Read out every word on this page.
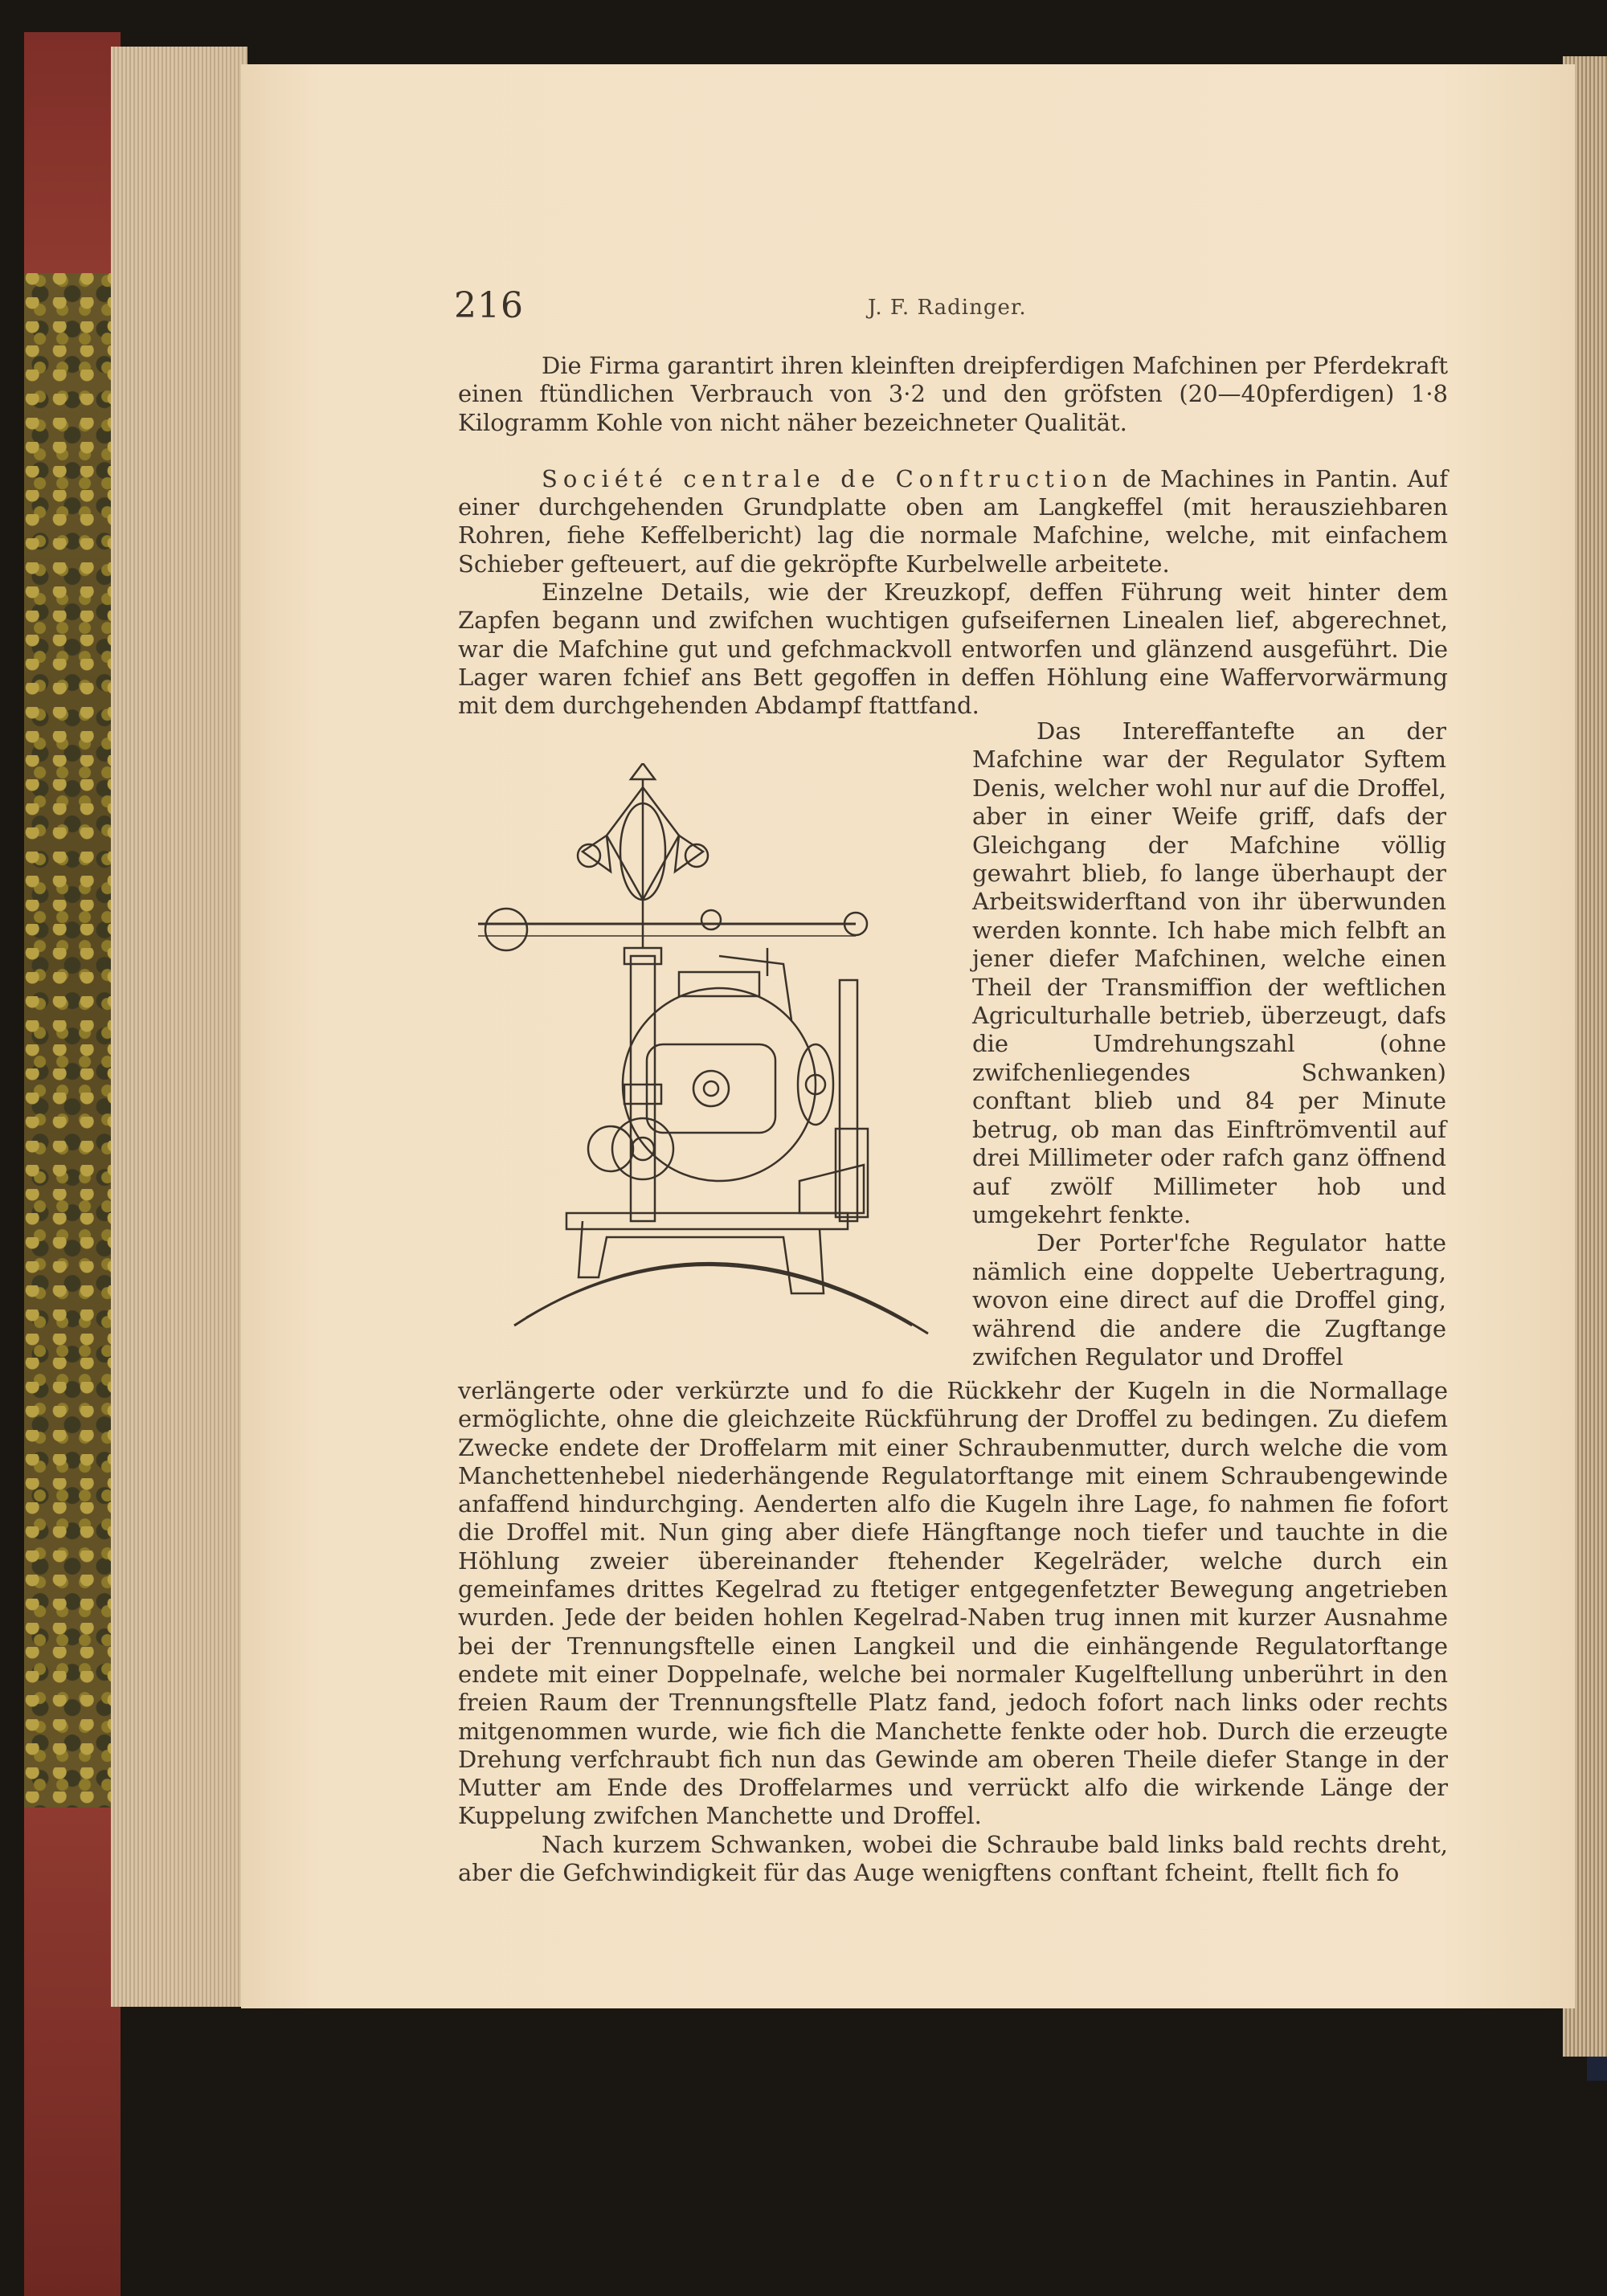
216	J. F. Radinger.

Die Firma garantirt ihren kleinften dreipferdigen Mafchinen per Pferdekraft einen ftündlichen Verbrauch von 3·2 und den gröfsten (20—40pferdigen) 1·8 Kilogramm Kohle von nicht näher bezeichneter Qualität.

Société centrale de Conftruction de Machines in Pantin. Auf einer durchgehenden Grundplatte oben am Langkeffel (mit herausziehbaren Rohren, fiehe Keffelbericht) lag die normale Mafchine, welche, mit einfachem Schieber gefteuert, auf die gekröpfte Kurbelwelle arbeitete.

Einzelne Details, wie der Kreuzkopf, deffen Führung weit hinter dem Zapfen begann und zwifchen wuchtigen gufseifernen Linealen lief, abgerechnet, war die Mafchine gut und gefchmackvoll entworfen und glänzend ausgeführt. Die Lager waren fchief ans Bett gegoffen in deffen Höhlung eine Waffervorwärmung mit dem durchgehenden Abdampf ftattfand.

Das Intereffantefte an der Mafchine war der Regulator Syftem Denis, welcher wohl nur auf die Droffel, aber in einer Weife griff, dafs der Gleichgang der Mafchine völlig gewahrt blieb, fo lange überhaupt der Arbeitswiderftand von ihr überwunden werden konnte. Ich habe mich felbft an jener diefer Mafchinen, welche einen Theil der Transmiffion der weftlichen Agriculturhalle betrieb, überzeugt, dafs die Umdrehungszahl (ohne zwifchenliegendes Schwanken) conftant blieb und 84 per Minute betrug, ob man das Einftrömventil auf drei Millimeter oder rafch ganz öffnend auf zwölf Millimeter hob und umgekehrt fenkte.

Der Porter'fche Regulator hatte nämlich eine doppelte Uebertragung, wovon eine direct auf die Droffel ging, während die andere die Zugftange zwifchen Regulator und Droffel

verlängerte oder verkürzte und fo die Rückkehr der Kugeln in die Normallage ermöglichte, ohne die gleichzeite Rückführung der Droffel zu bedingen. Zu diefem Zwecke endete der Droffelarm mit einer Schraubenmutter, durch welche die vom Manchettenhebel niederhängende Regulatorftange mit einem Schraubengewinde anfaffend hindurchging. Aenderten alfo die Kugeln ihre Lage, fo nahmen fie fofort die Droffel mit. Nun ging aber diefe Hängftange noch tiefer und tauchte in die Höhlung zweier übereinander ftehender Kegelräder, welche durch ein gemeinfames drittes Kegelrad zu ftetiger entgegenfetzter Bewegung angetrieben wurden. Jede der beiden hohlen Kegelrad-Naben trug innen mit kurzer Ausnahme bei der Trennungsftelle einen Langkeil und die einhängende Regulatorftange endete mit einer Doppelnafe, welche bei normaler Kugelftellung unberührt in den freien Raum der Trennungsftelle Platz fand, jedoch fofort nach links oder rechts mitgenommen wurde, wie fich die Manchette fenkte oder hob. Durch die erzeugte Drehung verfchraubt fich nun das Gewinde am oberen Theile diefer Stange in der Mutter am Ende des Droffelarmes und verrückt alfo die wirkende Länge der Kuppelung zwifchen Manchette und Droffel.

Nach kurzem Schwanken, wobei die Schraube bald links bald rechts dreht, aber die Gefchwindigkeit für das Auge wenigftens conftant fcheint, ftellt fich fo
